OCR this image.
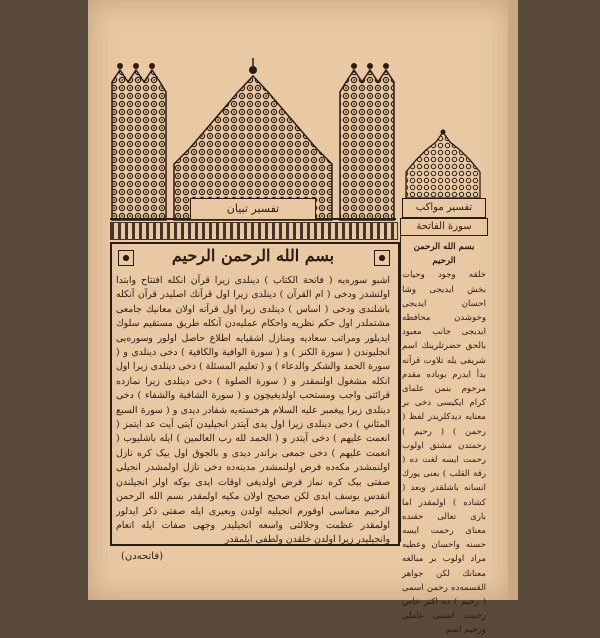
تفسیر تبیان	تفسیر مواکب
سورة الفاتحة
بسم الله الرحمن الرحيم
اشبو سوره‌یه ( فاتحة الكتاب ) دینلدی زیرا قرآن انكله افتتاح وابتدا اولنشدر ودخی ( ام القرآن ) دینلدی زیرا اول قرآنك اصلیدر قرآن آنكله باشلندی ودخی ( اساس ) دینلدی زیرا اول قرآنه اولان معانیك جامعی مشتملدر اول حكم نظریه واحكام عمليه‌دن آنكله طریق مستقیم سلوك ایدیلور ومراتب سعادیه ومنازل اشقیایه اطلاع حاصل اولور وسوره‌یی انجلیوندن ( سورة الكنز ) و ( سورة الوافية والكافية ) دخی دینلدی و ( سورة الحمد والشكر والدعاء ) و ( تعليم المسئلة ) دخی دینلدی زیرا اول انكله مشغول اولنمقدر و ( سورة الصلوة ) دخی دینلدی زیرا نمازده قرائتی واجب ومستحب اولدیغیچون و ( سورة الشافية والشفاء ) دخی دینلدی زیرا پیغمبر علیه السلام هرخسته‌یه شفادر دیدی و ( سورة السبع المثاني ) دخی دینلدی زیرا اول یدی آیتدر انجیلیدن آیتی آیت عد ایتمز ( انعمت علیهم ) دخی آیتدر و ( الحمد لله رب العالمين ) ایله باشلیوب ( انعمت علیهم ) دخی جمعی براندر دیدی و بالجوق اول بیک كره نازل اولنمشدر مكه‌ده فرض اولنمشدر مدینه‌ده دخی نازل اولمشدر انجیلی صفتی بیک كره نماز فرض اولدیغی اوقات ایدی بوكه اولر انجیلندن انقدس یوسف ایدی لكن صحیح اولان مكیه اولمقدر بسم الله الرحمن الرحيم معناسی اوقورم انجیلیه اولدن وبعیری ایله صفتی ذكر ایدلور اولمقدر عظمت وجلالتی واسعه انجیلیدر وجهی صفات ایله انعام وانجیلیدر زیرا اولدن خلقدن ولطفی ایلمقدر
بسم الله الرحمن الرحيم
خلقه وجود وحیات بخش ایدیجی وشا احسان ایدیجی وخوشدن محافظه ایدیجی جانب معبود بالحق حضرتلرینك اسم شریفی یله تلاوت قرآنه بدأ ایدرم بوباده مقدم مرحوم بنمن علمای کرام ایکیسی دخی بر معنایه دیدکلریدر لفظ ( رحمن ) ( رحیم ) رحمتدن مشتق اولوب رحمت ایسه لغت ده ( رقة القلب ) بعنی یورك انسانه باشلقدر وبعد ( كشاده ) اولمقدر اما باری تعالی حقنده معنای رحمت ایسه حسنه واحسان وعطیه مراد اولوب بر مبالغه معنانك لکن جواهر القسمه‌ده رحمن اسمی ( رحیم ) ده اکثر خاص رحمت اسمی عاملی ورحیم اسم
(فاتحه‌دن)
